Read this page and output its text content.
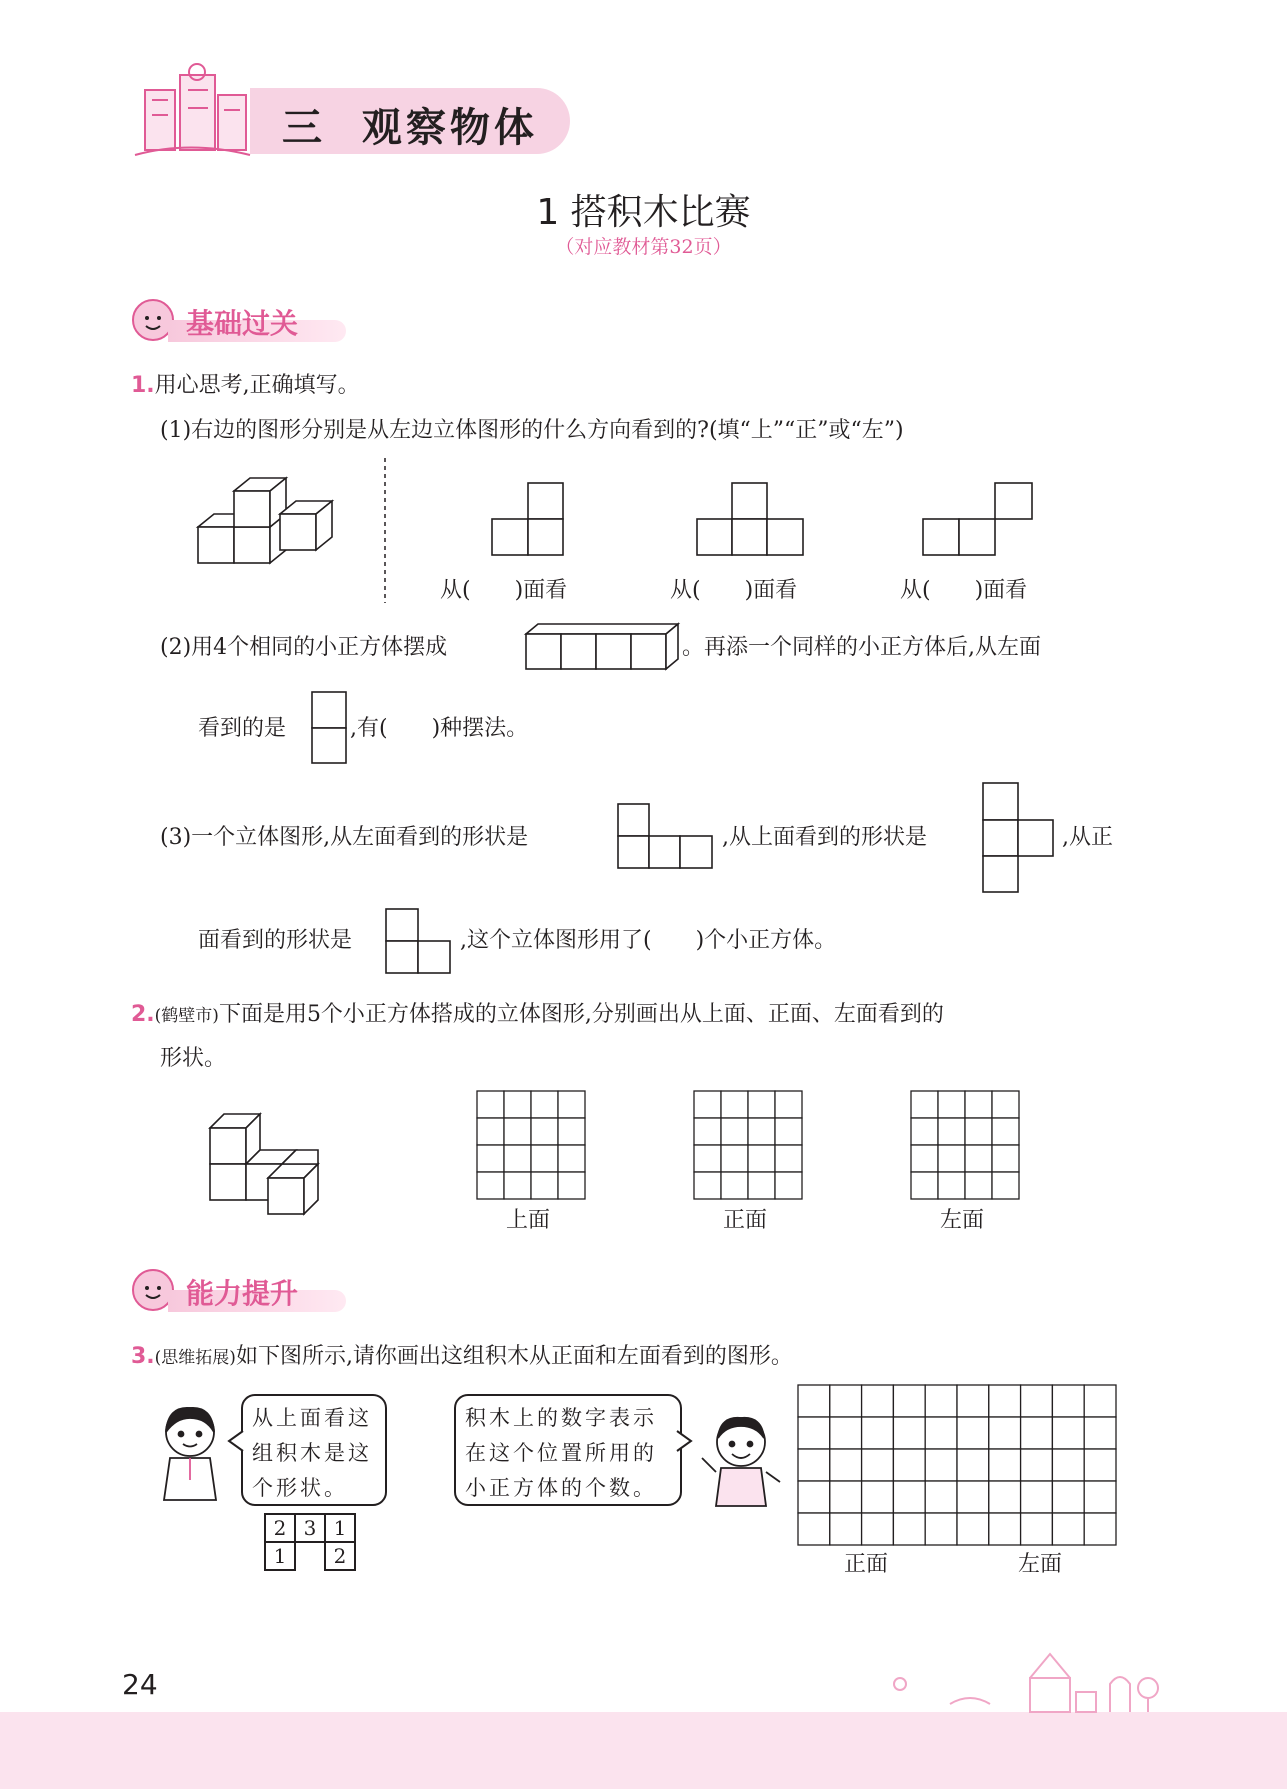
三 观察物体
1 搭积木比赛
（对应教材第32页）
基础过关
1.用心思考,正确填写。
(1)右边的图形分别是从左边立体图形的什么方向看到的?(填“上”“正”或“左”)
从(　　)面看	从(　　)面看	从(　　)面看
(2)用4个相同的小正方体摆成	。再添一个同样的小正方体后,从左面
看到的是	,有(　　)种摆法。
(3)一个立体图形,从左面看到的形状是	,从上面看到的形状是	,从正
面看到的形状是	,这个立体图形用了(　　)个小正方体。
2.(鹤壁市)下面是用5个小正方体搭成的立体图形,分别画出从上面、正面、左面看到的
形状。
上面	正面	左面
能力提升
3.(思维拓展)如下图所示,请你画出这组积木从正面和左面看到的图形。
从上面看这
组积木是这
个形状。
2	3	1
1		2
积木上的数字表示
在这个位置所用的
小正方体的个数。
正面	左面
24
